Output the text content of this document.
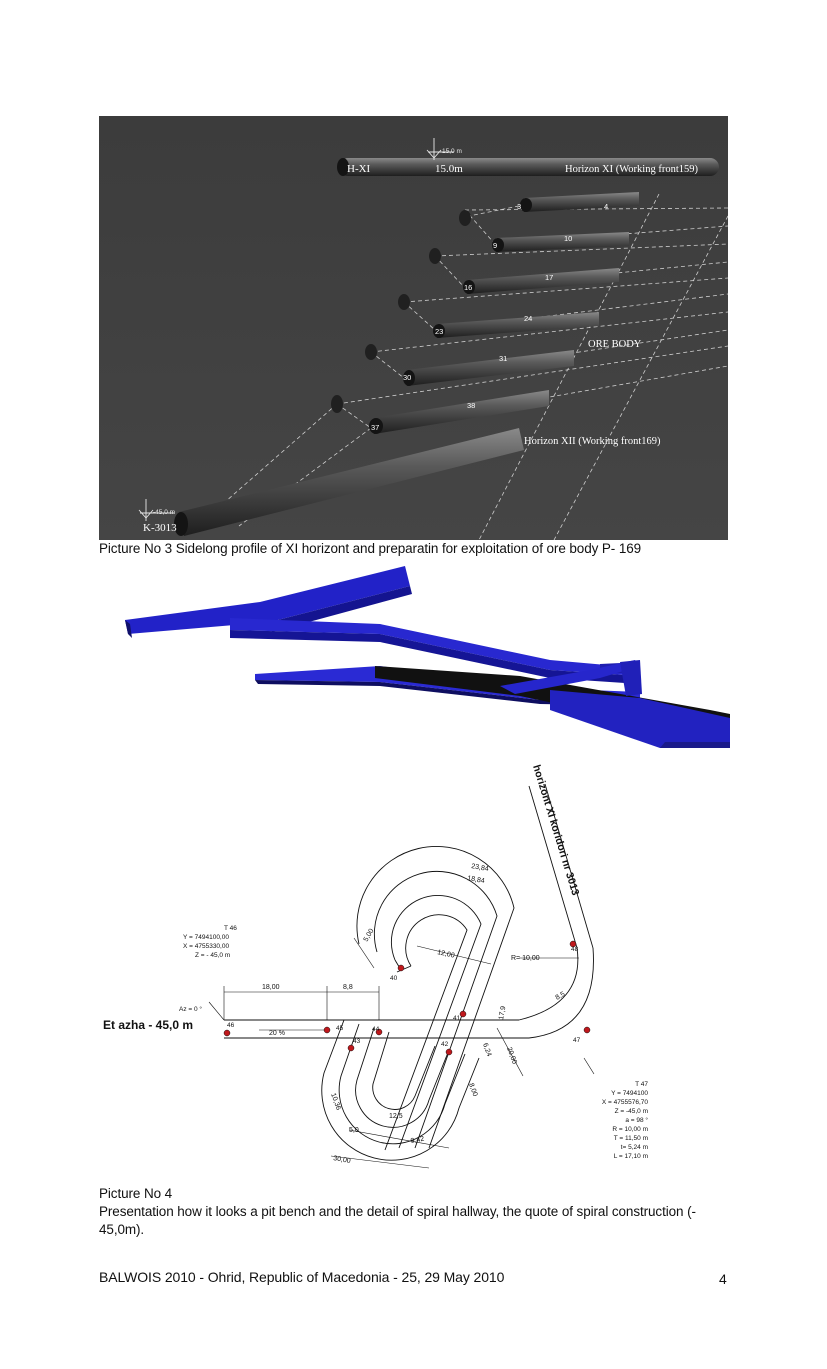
15,0 m
H-XI	15.0m	Horizon XI (Working front159)
ORE BODY
Horizon XII (Working front169)
-45,0 m
K-3013
3	4
9
10
16
17
23
24
30
31
37
38
Picture No 3 Sidelong profile of XI horizont and preparatin for exploitation of ore body P- 169
horizont XI koridori nr 3013
T 46
Y = 7494100,00
X = 4755330,00
Z = - 45,0 m
Az = 0 °
Et azha - 45,0 m
T 47
Y = 7494100
X = 4755576,70
Z = -45,0 m
a = 98 °
R = 10,00 m
T = 11,50 m
t= 5,24 m
L = 17,10 m
23,84
18,84
5,00
12,00	R= 10,00
18,00	8,8
20 %
17,9
8,5
20,00
6,24
8,00
10,36
12,5
5,0
9,42
30,00
40
41
42
43
44
45
46
47
48
Picture No 4
Presentation how it looks a pit bench and the detail of spiral hallway, the quote of spiral construction (-
45,0m).
BALWOIS 2010 - Ohrid, Republic of Macedonia - 25, 29 May 2010	4
